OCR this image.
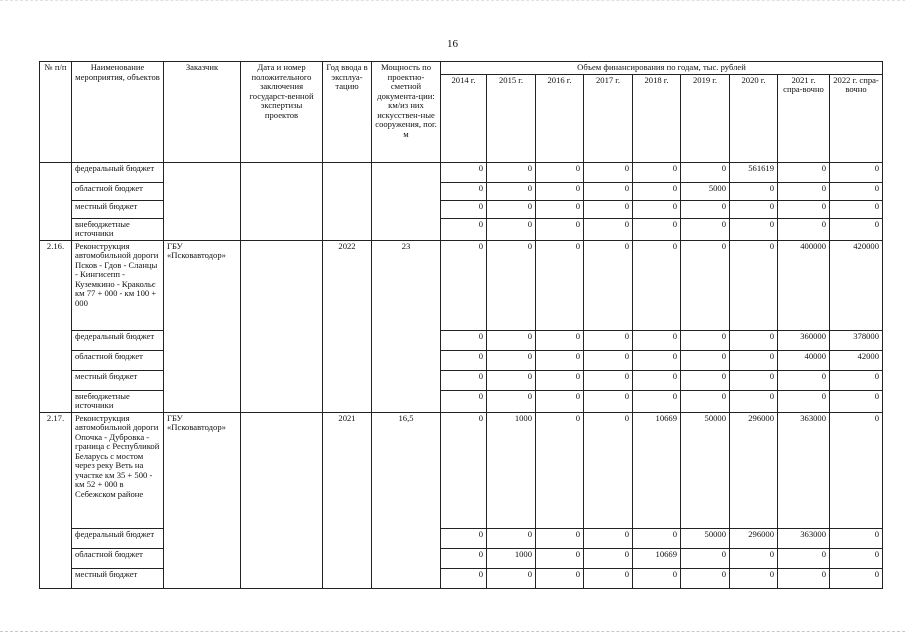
16
№ п/п	Наименование мероприятия, объектов	Заказчик	Дата и номер положительного заключения государст-венной экспертизы проектов	Год ввода в эксплуа-тацию	Мощность по проектно-сметной документа-ции: км/из них искусствен-ные сооружения, пог. м	Объем финансирования по годам, тыс. рублей								
						2014 г.	2015 г.	2016 г.	2017 г.	2018 г.	2019 г.	2020 г.	2021 г. спра-вочно	2022 г. спра-вочно
	федеральный бюджет					0	0	0	0	0	0	561619	0	0
	областной бюджет					0	0	0	0	0	5000	0	0	0
	местный бюджет					0	0	0	0	0	0	0	0	0
	внебюджетные источники					0	0	0	0	0	0	0	0	0
2.16.	Реконструкция автомобильной дороги Псков - Гдов - Сланцы - Кингисепп - Куземкино - Кракольє км 77 + 000 - км 100 + 000	ГБУ «Псковавтодор»		2022	23	0	0	0	0	0	0	0	400000	420000
	федеральный бюджет					0	0	0	0	0	0	0	360000	378000
	областной бюджет					0	0	0	0	0	0	0	40000	42000
	местный бюджет					0	0	0	0	0	0	0	0	0
	внебюджетные источники					0	0	0	0	0	0	0	0	0
2.17.	Реконструкция автомобильной дороги Опочка - Дубровка - граница с Республикой Беларусь с мостом через реку Веть на участке км 35 + 500 - км 52 + 000 в Себежском районе	ГБУ «Псковавтодор»		2021	16,5	0	1000	0	0	10669	50000	296000	363000	0
	федеральный бюджет					0	0	0	0	0	50000	296000	363000	0
	областной бюджет					0	1000	0	0	10669	0	0	0	0
	местный бюджет					0	0	0	0	0	0	0	0	0
